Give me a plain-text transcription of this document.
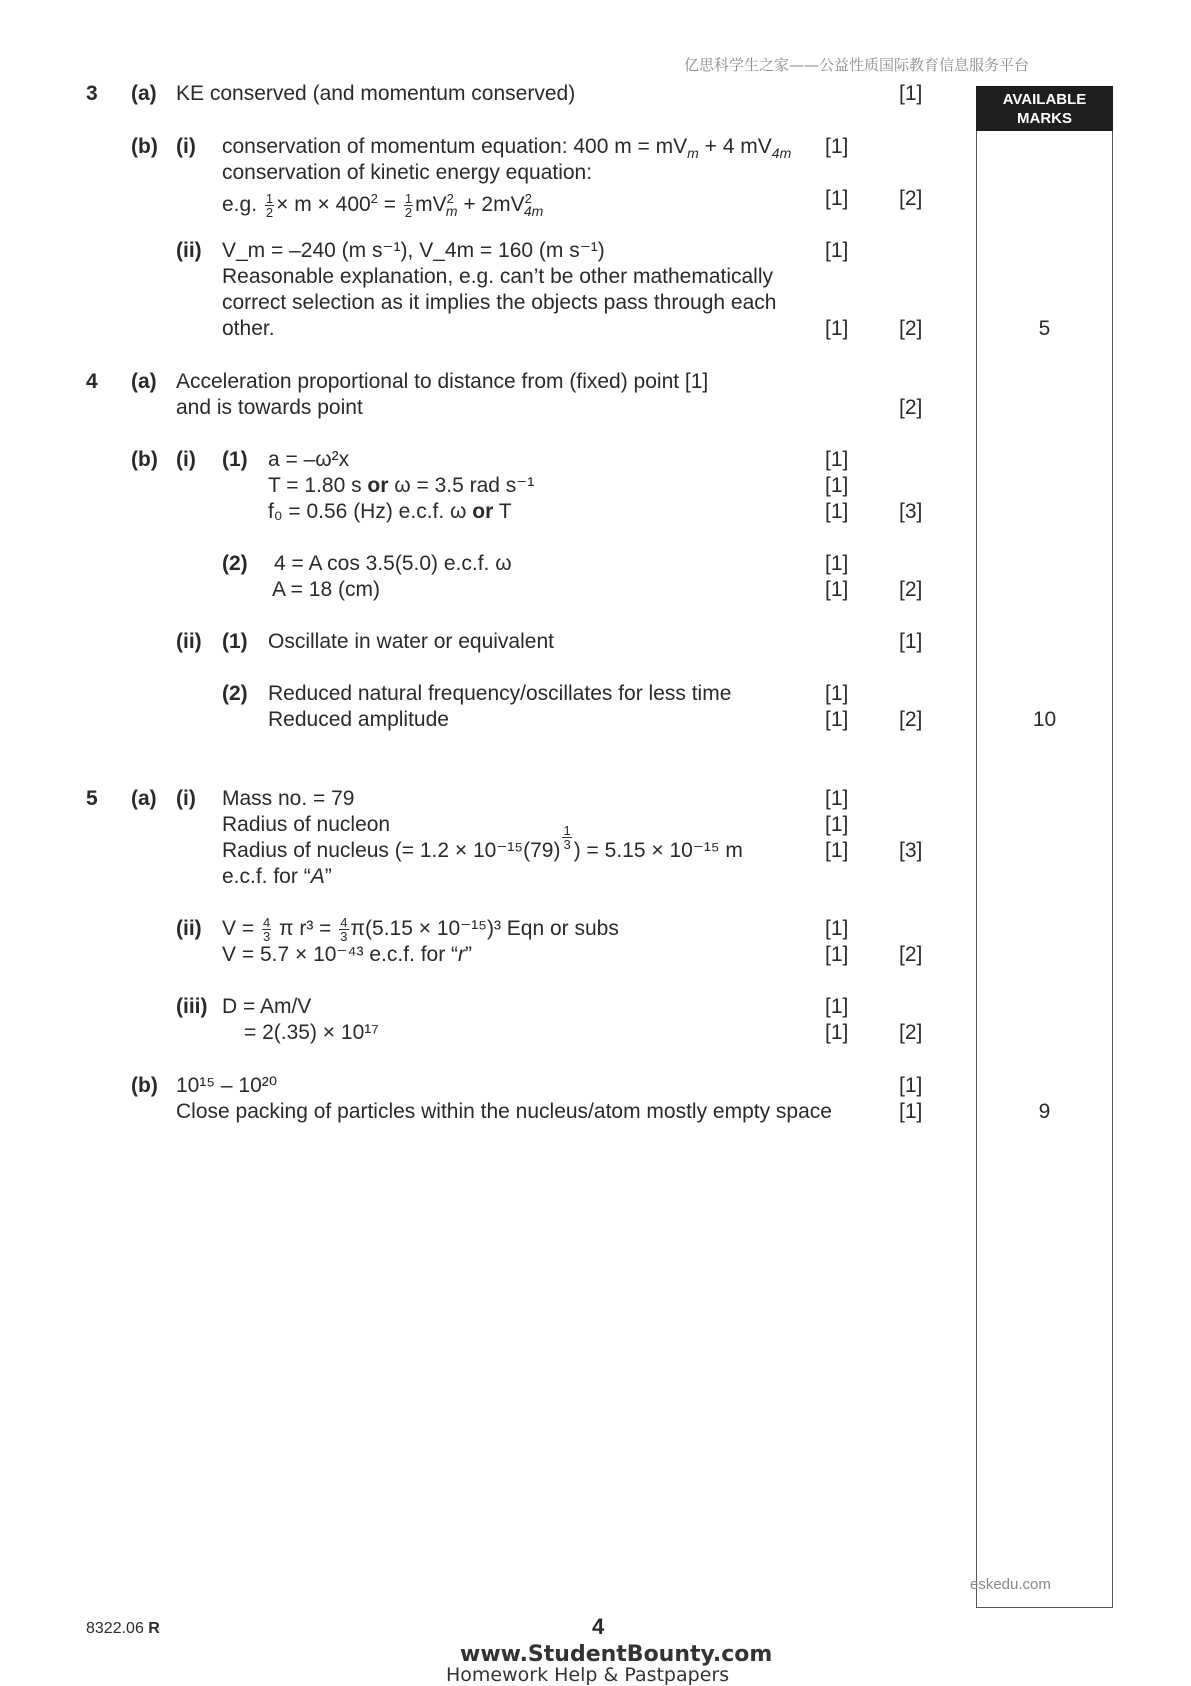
亿思科学生之家——公益性质国际教育信息服务平台
AVAILABLE
MARKS
3 (a) KE conserved (and momentum conserved)	[1]
(b) (i) conservation of momentum equation: 400 $m = mV_m + 4$ $mV_{4m}$ [1]
conservation of kinetic energy equation:
e.g. $\frac{1}{2} \times m \times 400^2 = \frac{1}{2} mV^2_m + 2mV^2_{4m}$
[1] [2]
(ii) V_m = –240 (m s⁻¹), V_4m = 160 (m s⁻¹)	[1]
Reasonable explanation, e.g. can’t be other mathematically
correct selection as it implies the objects pass through each
other.	[1] [2]	5
4 (a) Acceleration proportional to distance from (fixed) point [1]
and is towards point	[2]
(b) (i) (1) a = –ω²x	[1]
T = 1.80 s or ω = 3.5 rad s⁻¹	[1]
f₀ = 0.56 (Hz) e.c.f. ω or T	[1] [3]
(2) 4 = A cos 3.5(5.0) e.c.f. ω	[1]
A = 18 (cm)	[1] [2]
(ii) (1) Oscillate in water or equivalent	[1]
(2) Reduced natural frequency/oscillates for less time	[1]
Reduced amplitude	[1] [2]	10
5 (a) (i) Mass no. = 79	[1]
Radius of nucleon	[1]
Radius of nucleus (= $1.2 \times 10^{-15}(79) \frac{1}{3}$ ) = 5.15 × 10⁻¹⁵ m	[1] [3]
e.c.f. for “A”
(ii) $V = \frac{4}{3}$ π $r^3 = \frac{4}{3} \pi(5.15 \times 10^{-15})^3$ Eqn or subs	[1]
V = 5.7 × 10⁻⁴³ e.c.f. for “r”	[1] [2]
(iii) D = Am/V	[1]
= 2(.35) × 10¹⁷	[1] [2]
(b) 10¹⁵ – 10²⁰	[1]
Close packing of particles within the nucleus/atom mostly empty space	[1]	9
eskedu.com
8322.06 R	4
www.StudentBounty.com
Homework Help & Pastpapers
